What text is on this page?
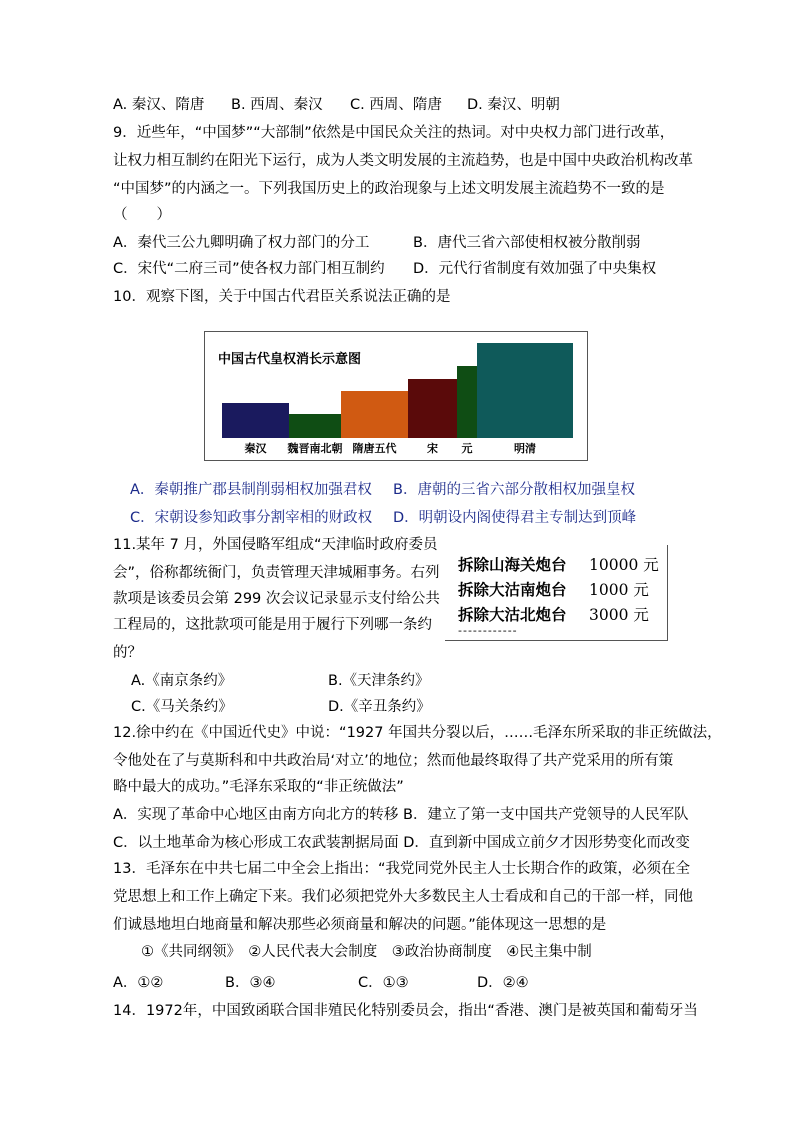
A. 秦汉、隋唐 B. 西周、秦汉 C. 西周、隋唐 D. 秦汉、明朝
9．近些年，“中国梦”“大部制”依然是中国民众关注的热词。对中央权力部门进行改革，
让权力相互制约在阳光下运行，成为人类文明发展的主流趋势，也是中国中央政治机构改革
“中国梦”的内涵之一。下列我国历史上的政治现象与上述文明发展主流趋势不一致的是
（　　）
A．秦代三公九卿明确了权力部门的分工	B．唐代三省六部使相权被分散削弱
C．宋代“二府三司”使各权力部门相互制约 D．元代行省制度有效加强了中央集权
10．观察下图，关于中国古代君臣关系说法正确的是
中国古代皇权消长示意图
秦汉 魏晋南北朝 隋唐五代	宋 元	明清
A．秦朝推广郡县制削弱相权加强君权 B．唐朝的三省六部分散相权加强皇权
C．宋朝设参知政事分割宰相的财政权 D．明朝设内阁使得君主专制达到顶峰
11.某年 7 月，外国侵略军组成“天津临时政府委员
会”，俗称都统衙门，负责管理天津城厢事务。右列
款项是该委员会第 299 次会议记录显示支付给公共
工程局的，这批款项可能是用于履行下列哪一条约
的？
拆除山海关炮台 10000 元
拆除大沽南炮台 1000 元
拆除大沽北炮台 3000 元
------------
A.《南京条约》	B.《天津条约》
C.《马关条约》	D.《辛丑条约》
12.徐中约在《中国近代史》中说：“1927 年国共分裂以后，……毛泽东所采取的非正统做法，
令他处在了与莫斯科和中共政治局‘对立’的地位；然而他最终取得了共产党采用的所有策
略中最大的成功。”毛泽东采取的“非正统做法”
A．实现了革命中心地区由南方向北方的转移 B．建立了第一支中国共产党领导的人民军队
C．以土地革命为核心形成工农武装割据局面 D．直到新中国成立前夕才因形势变化而改变
13．毛泽东在中共七届二中全会上指出：“我党同党外民主人士长期合作的政策，必须在全
党思想上和工作上确定下来。我们必须把党外大多数民主人士看成和自己的干部一样，同他
们诚恳地坦白地商量和解决那些必须商量和解决的问题。”能体现这一思想的是
①《共同纲领》　②人民代表大会制度　③政治协商制度　④民主集中制
A．①②	B．③④	C．①③	D．②④
14．1972年，中国致函联合国非殖民化特别委员会，指出“香港、澳门是被英国和葡萄牙当
